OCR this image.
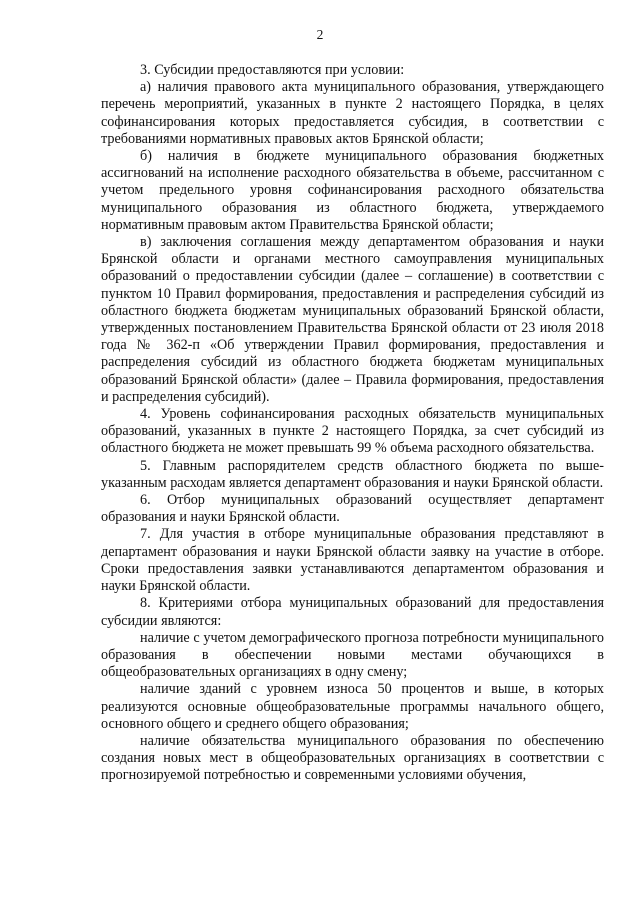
2

3. Субсидии предоставляются при условии:

а) наличия правового акта муниципального образования, утверждающего перечень мероприятий, указанных в пункте 2 настоящего Порядка, в целях софинансирования которых предоставляется субсидия, в соответствии с требованиями нормативных правовых актов Брянской области;

б) наличия в бюджете муниципального образования бюджетных ассигнований на исполнение расходного обязательства в объеме, рассчитанном с учетом предельного уровня софинансирования расходного обязательства муниципального образования из областного бюджета, утверждаемого нормативным правовым актом Правительства Брянской области;

в) заключения соглашения между департаментом образования и науки Брянской области и органами местного самоуправления муниципальных образований о предоставлении субсидии (далее – соглашение) в соответствии с пунктом 10 Правил формирования, предоставления и распределения субсидий из областного бюджета бюджетам муниципальных образований Брянской области, утвержденных постановлением Правительства Брянской области от 23 июля 2018 года № 362-п «Об утверждении Правил формирования, предоставления и распределения субсидий из областного бюджета бюджетам муниципальных образований Брянской области» (далее – Правила формирования, предоставления и распределения субсидий).

4. Уровень софинансирования расходных обязательств муниципальных образований, указанных в пункте 2 настоящего Порядка, за счет субсидий из областного бюджета не может превышать 99 % объема расходного обязательства.

5. Главным распорядителем средств областного бюджета по вышеуказанным расходам является департамент образования и науки Брянской области.

6. Отбор муниципальных образований осуществляет департамент образования и науки Брянской области.

7. Для участия в отборе муниципальные образования представляют в департамент образования и науки Брянской области заявку на участие в отборе. Сроки предоставления заявки устанавливаются департаментом образования и науки Брянской области.

8. Критериями отбора муниципальных образований для предоставления субсидии являются:

наличие с учетом демографического прогноза потребности муниципального образования в обеспечении новыми местами обучающихся в общеобразовательных организациях в одну смену;

наличие зданий с уровнем износа 50 процентов и выше, в которых реализуются основные общеобразовательные программы начального общего, основного общего и среднего общего образования;

наличие обязательства муниципального образования по обеспечению создания новых мест в общеобразовательных организациях в соответствии с прогнозируемой потребностью и современными условиями обучения,
